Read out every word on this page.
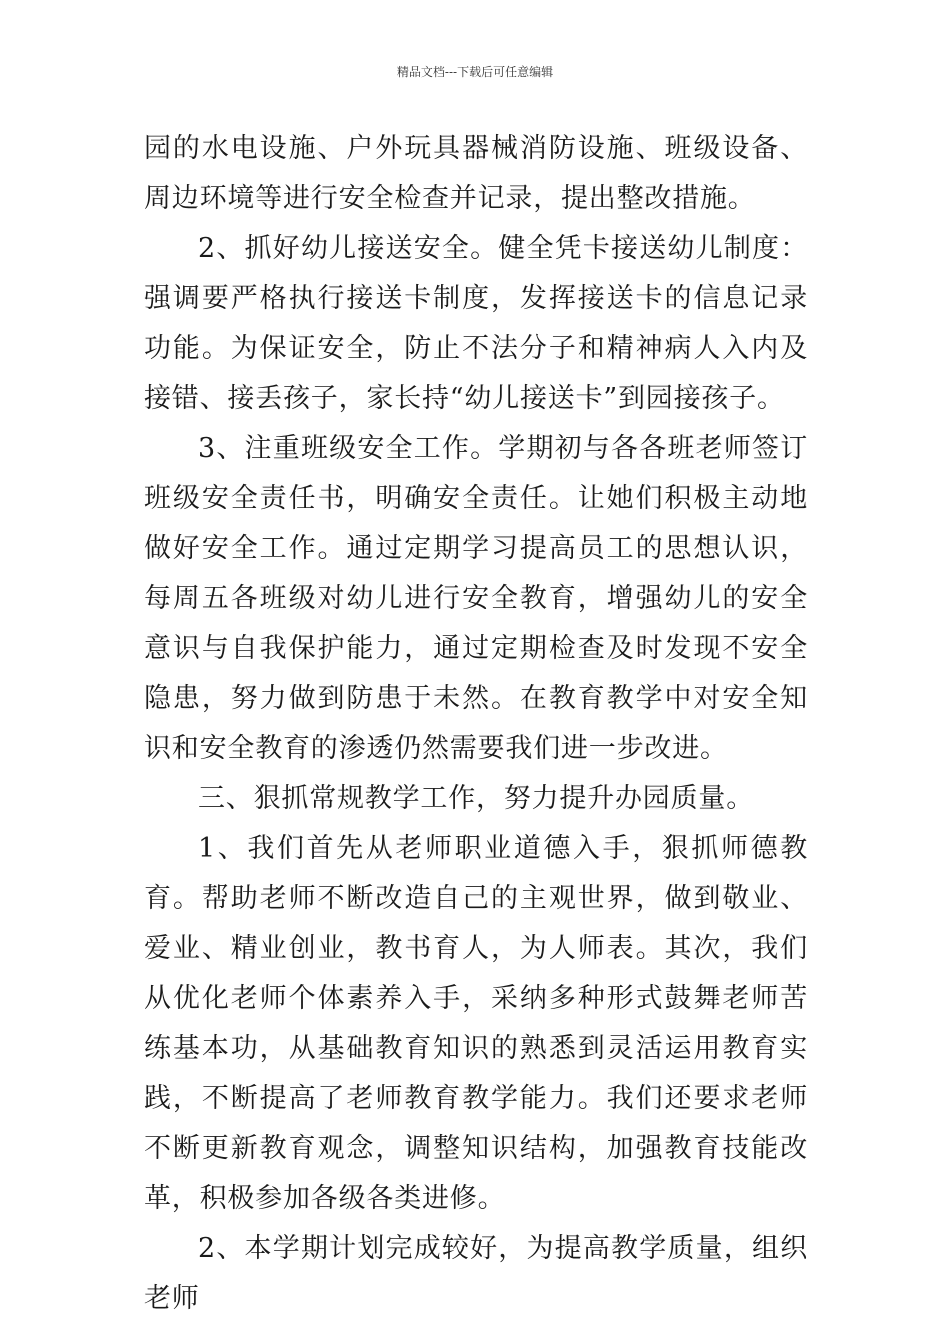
精品文档---下载后可任意编辑

园的水电设施、户外玩具器械消防设施、班级设备、周边环境等进行安全检查并记录，提出整改措施。

2、抓好幼儿接送安全。健全凭卡接送幼儿制度：强调要严格执行接送卡制度，发挥接送卡的信息记录功能。为保证安全，防止不法分子和精神病人入内及接错、接丢孩子，家长持“幼儿接送卡”到园接孩子。

3、注重班级安全工作。学期初与各各班老师签订班级安全责任书，明确安全责任。让她们积极主动地做好安全工作。通过定期学习提高员工的思想认识，每周五各班级对幼儿进行安全教育，增强幼儿的安全意识与自我保护能力，通过定期检查及时发现不安全隐患，努力做到防患于未然。在教育教学中对安全知识和安全教育的渗透仍然需要我们进一步改进。

三、狠抓常规教学工作，努力提升办园质量。

1、我们首先从老师职业道德入手，狠抓师德教育。帮助老师不断改造自己的主观世界，做到敬业、爱业、精业创业，教书育人，为人师表。其次，我们从优化老师个体素养入手，采纳多种形式鼓舞老师苦练基本功，从基础教育知识的熟悉到灵活运用教育实践，不断提高了老师教育教学能力。我们还要求老师不断更新教育观念，调整知识结构，加强教育技能改革，积极参加各级各类进修。

2、本学期计划完成较好，为提高教学质量，组织老师
